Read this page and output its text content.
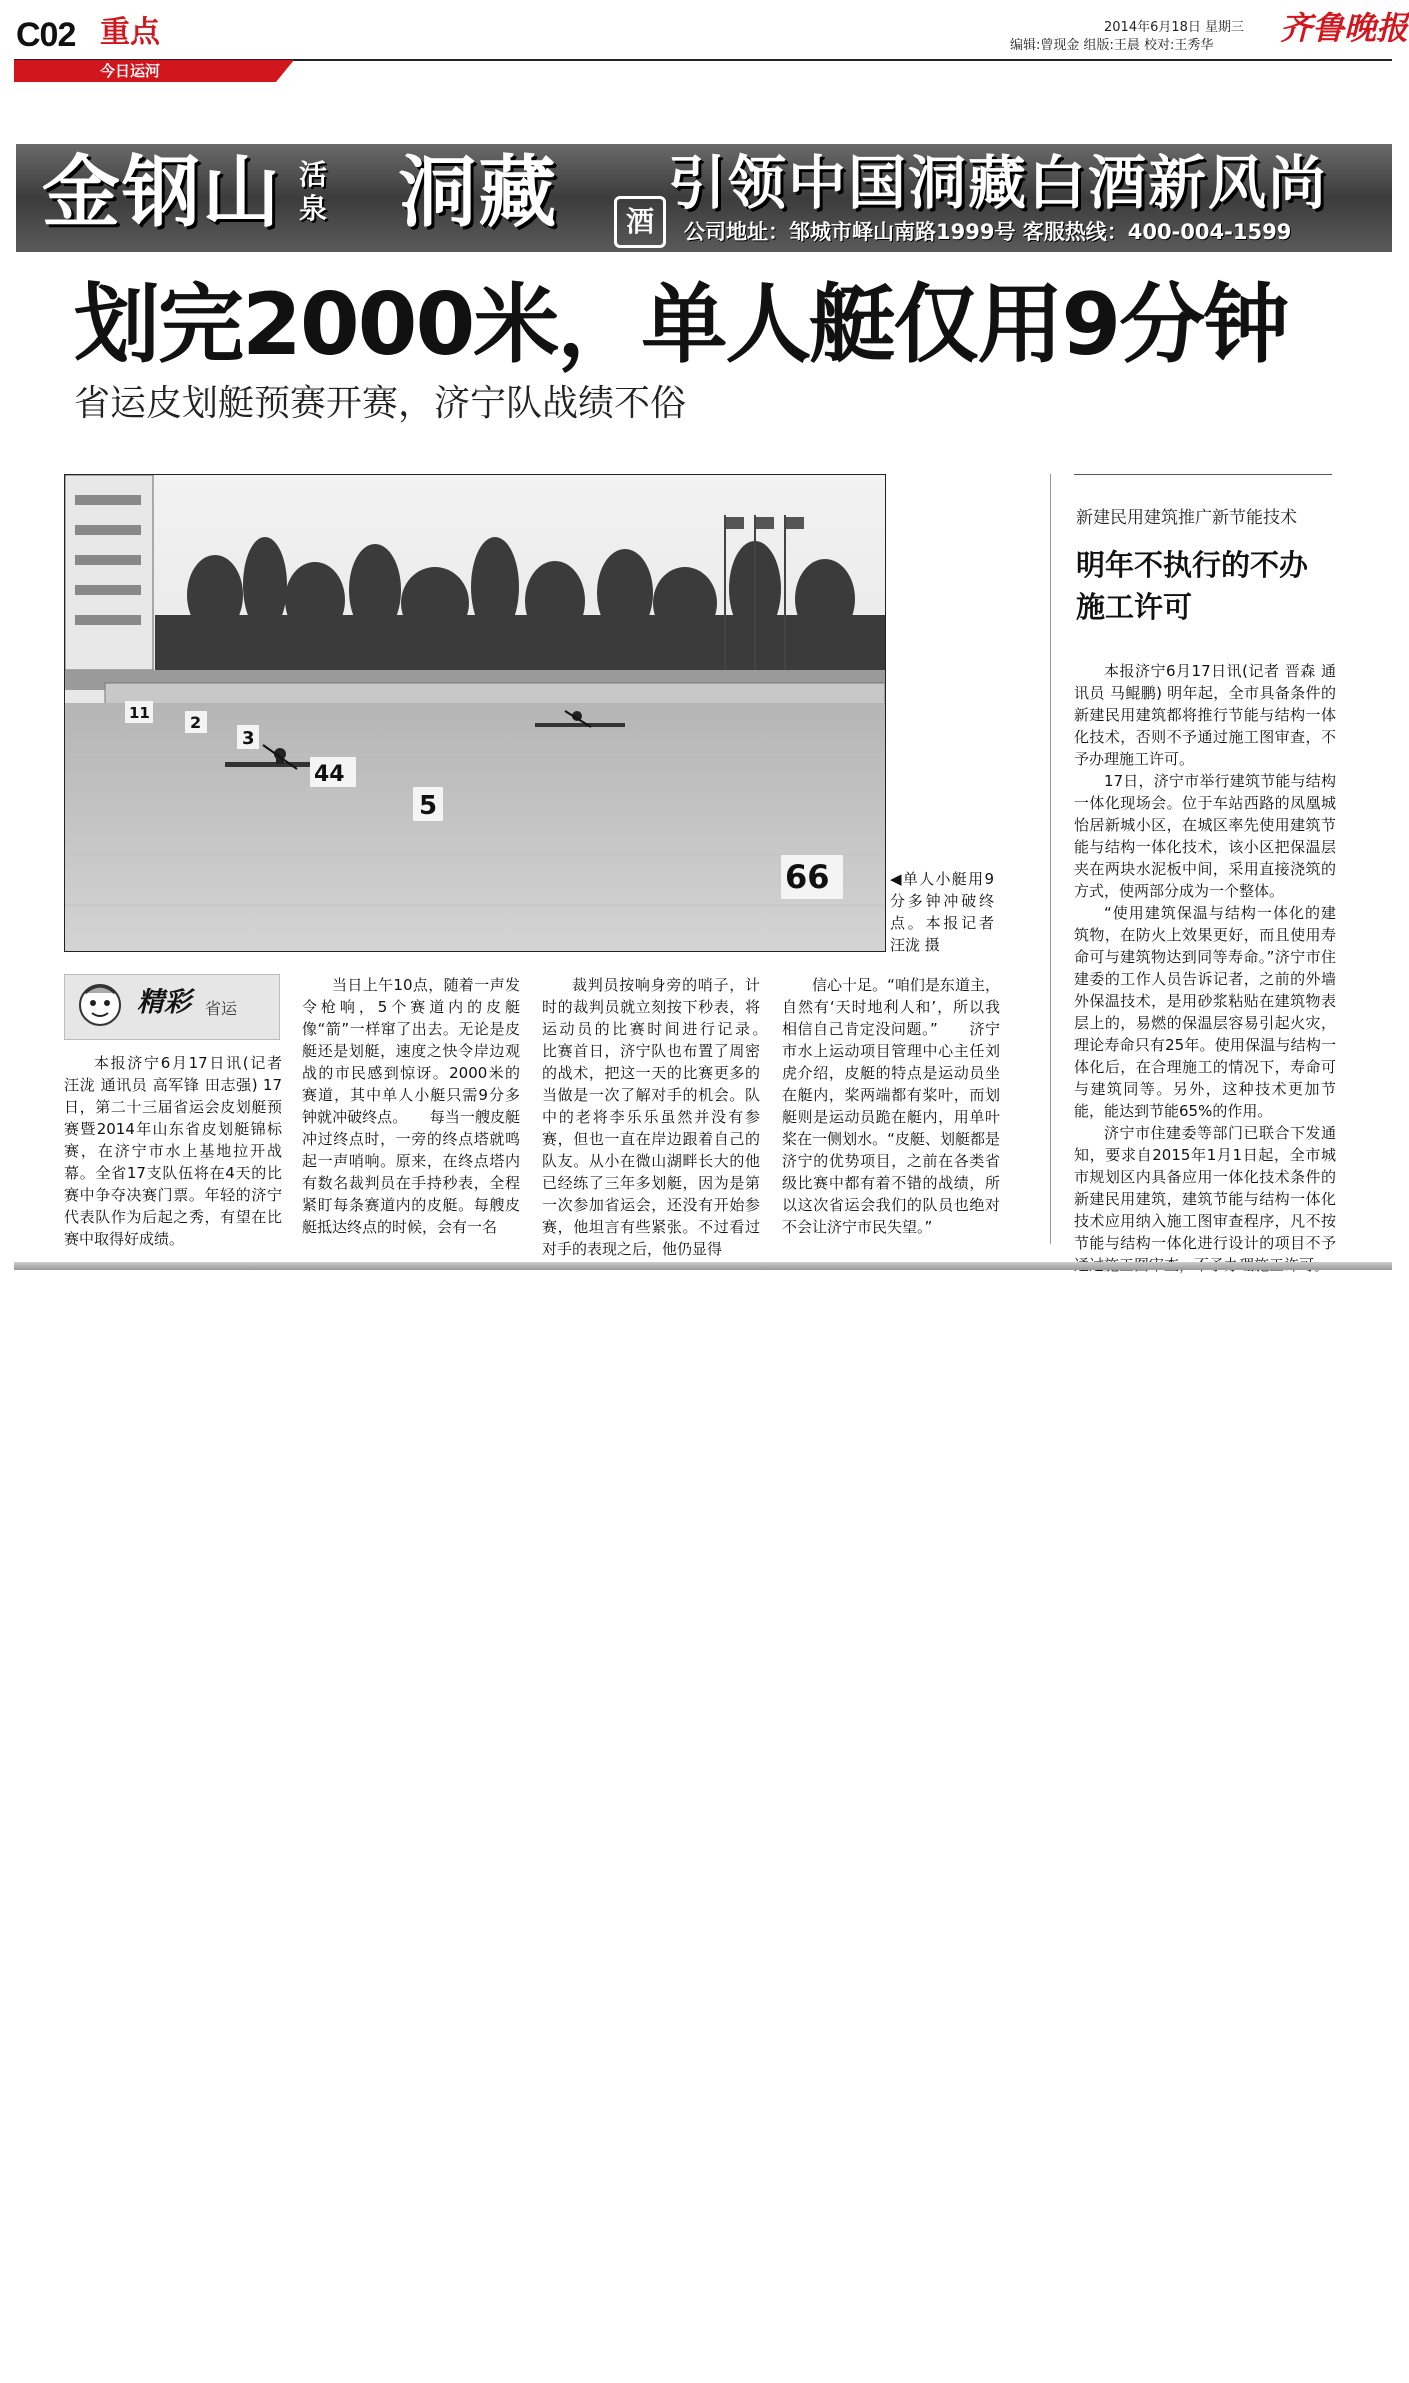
C02 重点
今日运河
2014年6月18日 星期三
编辑:曾现金 组版:王晨 校对:王秀华 齐鲁晚报
金钢山 洞藏
活泉	酒
引领中国洞藏白酒新风尚
公司地址：邹城市峄山南路1999号 客服热线：400-004-1599
划完2000米，单人艇仅用9分钟
省运皮划艇预赛开赛，济宁队战绩不俗
11	2
3
44
5
66	◀单人小艇用9分多钟冲破终点。本报记者 汪泷 摄
精彩 省运

本报济宁6月17日讯(记者 汪泷 通讯员 高军锋 田志强) 17日，第二十三届省运会皮划艇预赛暨2014年山东省皮划艇锦标赛，在济宁市水上基地拉开战幕。全省17支队伍将在4天的比赛中争夺决赛门票。年轻的济宁代表队作为后起之秀，有望在比赛中取得好成绩。

当日上午10点，随着一声发令枪响，5个赛道内的皮艇像“箭”一样窜了出去。无论是皮艇还是划艇，速度之快令岸边观战的市民感到惊讶。2000米的赛道，其中单人小艇只需9分多钟就冲破终点。　　每当一艘皮艇冲过终点时，一旁的终点塔就鸣起一声哨响。原来，在终点塔内有数名裁判员在手持秒表，全程紧盯每条赛道内的皮艇。每艘皮艇抵达终点的时候，会有一名

裁判员按响身旁的哨子，计时的裁判员就立刻按下秒表，将运动员的比赛时间进行记录。　　比赛首日，济宁队也布置了周密的战术，把这一天的比赛更多的当做是一次了解对手的机会。队中的老将李乐乐虽然并没有参赛，但也一直在岸边跟着自己的队友。从小在微山湖畔长大的他已经练了三年多划艇，因为是第一次参加省运会，还没有开始参赛，他坦言有些紧张。不过看过对手的表现之后，他仍显得

信心十足。“咱们是东道主，自然有‘天时地利人和’，所以我相信自己肯定没问题。”　　济宁市水上运动项目管理中心主任刘虎介绍，皮艇的特点是运动员坐在艇内，桨两端都有桨叶，而划艇则是运动员跪在艇内，用单叶桨在一侧划水。“皮艇、划艇都是济宁的优势项目，之前在各类省级比赛中都有着不错的战绩，所以这次省运会我们的队员也绝对不会让济宁市民失望。”

新建民用建筑推广新节能技术
明年不执行的不办施工许可

本报济宁6月17日讯(记者 晋森 通讯员 马鲲鹏) 明年起，全市具备条件的新建民用建筑都将推行节能与结构一体化技术，否则不予通过施工图审查，不予办理施工许可。

17日，济宁市举行建筑节能与结构一体化现场会。位于车站西路的凤凰城怡居新城小区，在城区率先使用建筑节能与结构一体化技术，该小区把保温层夹在两块水泥板中间，采用直接浇筑的方式，使两部分成为一个整体。

“使用建筑保温与结构一体化的建筑物，在防火上效果更好，而且使用寿命可与建筑物达到同等寿命。”济宁市住建委的工作人员告诉记者，之前的外墙外保温技术，是用砂浆粘贴在建筑物表层上的，易燃的保温层容易引起火灾，理论寿命只有25年。使用保温与结构一体化后，在合理施工的情况下，寿命可与建筑同等。另外，这种技术更加节能，能达到节能65%的作用。

济宁市住建委等部门已联合下发通知，要求自2015年1月1日起，全市城市规划区内具备应用一体化技术条件的新建民用建筑，建筑节能与结构一体化技术应用纳入施工图审查程序，凡不按节能与结构一体化进行设计的项目不予
